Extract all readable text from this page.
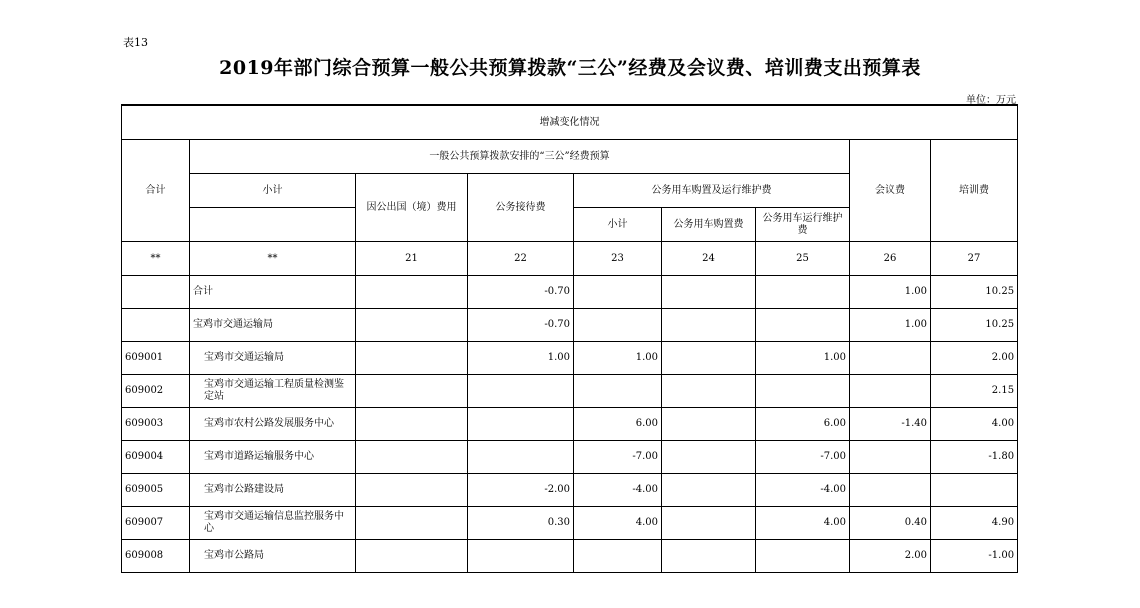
表13
2019年部门综合预算一般公共预算拨款“三公”经费及会议费、培训费支出预算表
单位：万元
增减变化情况								
合计	一般公共预算拨款安排的“三公”经费预算						会议费	培训费
	小计	因公出国（境）费用	公务接待费	公务用车购置及运行维护费				
				小计	公务用车购置费	公务用车运行维护费		
**	**	21	22	23	24	25	26	27
	合计		-0.70				1.00	10.25
	宝鸡市交通运输局		-0.70				1.00	10.25
609001	宝鸡市交通运输局		1.00	1.00		1.00		2.00
609002	宝鸡市交通运输工程质量检测鉴定站							2.15
609003	宝鸡市农村公路发展服务中心			6.00		6.00	-1.40	4.00
609004	宝鸡市道路运输服务中心			-7.00		-7.00		-1.80
609005	宝鸡市公路建设局		-2.00	-4.00		-4.00		
609007	宝鸡市交通运输信息监控服务中心		0.30	4.00		4.00	0.40	4.90
609008	宝鸡市公路局						2.00	-1.00
